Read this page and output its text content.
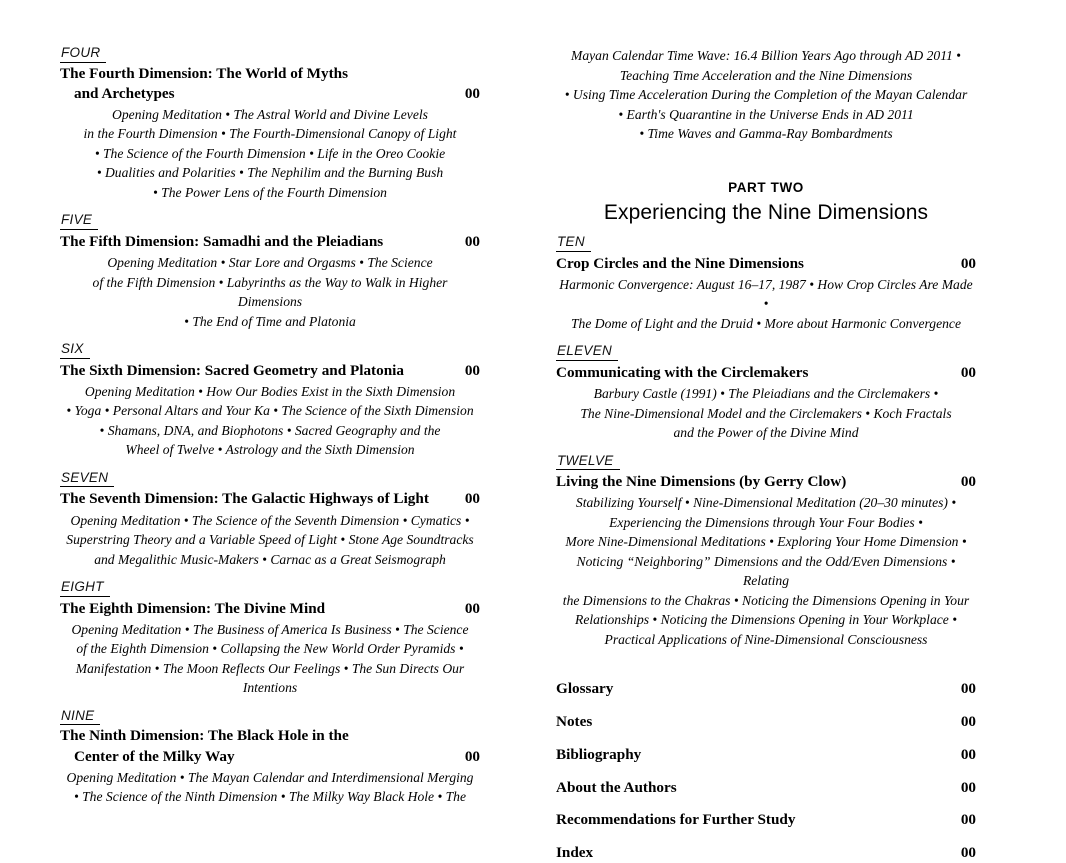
FOUR
The Fourth Dimension: The World of Myths
and Archetypes	00
Opening Meditation • The Astral World and Divine Levels
in the Fourth Dimension • The Fourth-Dimensional Canopy of Light
• The Science of the Fourth Dimension • Life in the Oreo Cookie
• Dualities and Polarities • The Nephilim and the Burning Bush
• The Power Lens of the Fourth Dimension
FIVE
The Fifth Dimension: Samadhi and the Pleiadians	00
Opening Meditation • Star Lore and Orgasms • The Science
of the Fifth Dimension • Labyrinths as the Way to Walk in Higher Dimensions
• The End of Time and Platonia
SIX
The Sixth Dimension: Sacred Geometry and Platonia	00
Opening Meditation • How Our Bodies Exist in the Sixth Dimension
• Yoga • Personal Altars and Your Ka • The Science of the Sixth Dimension
• Shamans, DNA, and Biophotons • Sacred Geography and the
Wheel of Twelve • Astrology and the Sixth Dimension
SEVEN
The Seventh Dimension: The Galactic Highways of Light	00
Opening Meditation • The Science of the Seventh Dimension • Cymatics •
Superstring Theory and a Variable Speed of Light • Stone Age Soundtracks
and Megalithic Music-Makers • Carnac as a Great Seismograph
EIGHT
The Eighth Dimension: The Divine Mind	00
Opening Meditation • The Business of America Is Business • The Science
of the Eighth Dimension • Collapsing the New World Order Pyramids •
Manifestation • The Moon Reflects Our Feelings • The Sun Directs Our
Intentions
NINE
The Ninth Dimension: The Black Hole in the
Center of the Milky Way	00
Opening Meditation • The Mayan Calendar and Interdimensional Merging
• The Science of the Ninth Dimension • The Milky Way Black Hole • The
Mayan Calendar Time Wave: 16.4 Billion Years Ago through AD 2011 •
Teaching Time Acceleration and the Nine Dimensions
• Using Time Acceleration During the Completion of the Mayan Calendar
• Earth's Quarantine in the Universe Ends in AD 2011
• Time Waves and Gamma-Ray Bombardments
PART TWO
Experiencing the Nine Dimensions
TEN
Crop Circles and the Nine Dimensions	00
Harmonic Convergence: August 16–17, 1987 • How Crop Circles Are Made •
The Dome of Light and the Druid • More about Harmonic Convergence
ELEVEN
Communicating with the Circlemakers	00
Barbury Castle (1991) • The Pleiadians and the Circlemakers •
The Nine-Dimensional Model and the Circlemakers • Koch Fractals
and the Power of the Divine Mind
TWELVE
Living the Nine Dimensions (by Gerry Clow)	00
Stabilizing Yourself • Nine-Dimensional Meditation (20–30 minutes) •
Experiencing the Dimensions through Your Four Bodies •
More Nine-Dimensional Meditations • Exploring Your Home Dimension •
Noticing “Neighboring” Dimensions and the Odd/Even Dimensions • Relating
the Dimensions to the Chakras • Noticing the Dimensions Opening in Your
Relationships • Noticing the Dimensions Opening in Your Workplace •
Practical Applications of Nine-Dimensional Consciousness
Glossary	00
Notes	00
Bibliography	00
About the Authors	00
Recommendations for Further Study	00
Index	00
